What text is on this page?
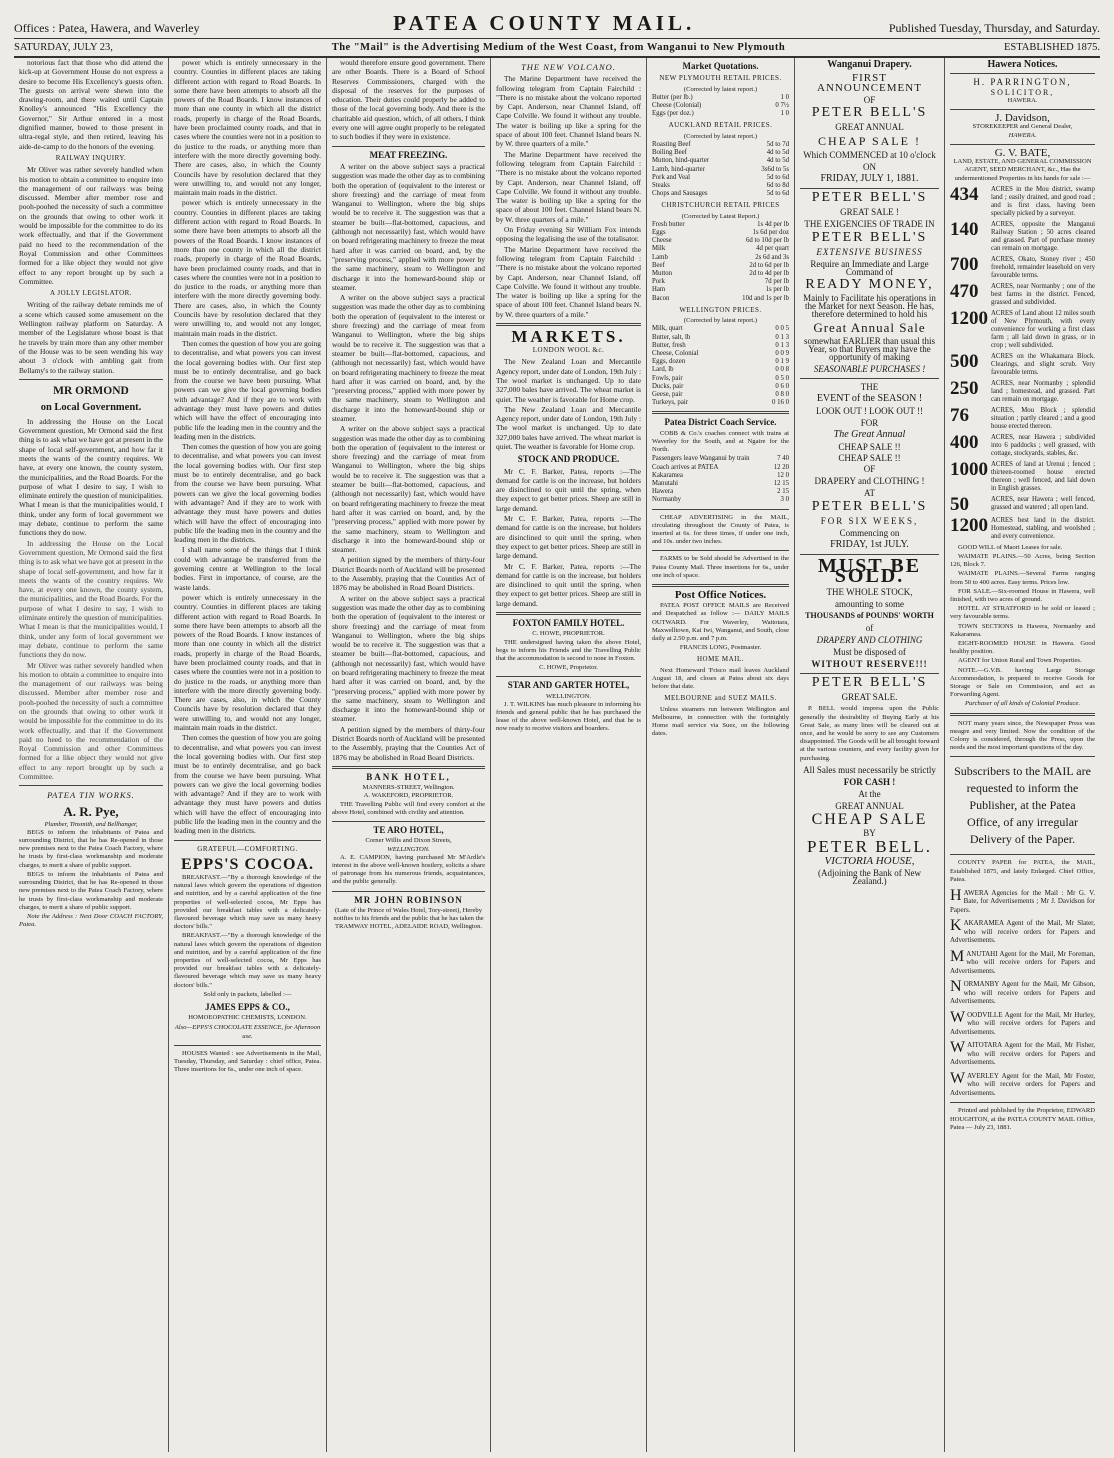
Offices : Patea, Hawera, and Waverley	PATEA COUNTY MAIL.	Published Tuesday, Thursday, and Saturday.
SATURDAY, JULY 23,	The "Mail" is the Advertising Medium of the West Coast, from Wanganui to New Plymouth	ESTABLISHED 1875.

notorious fact that those who did attend the kick-up at Government House do not express a desire to become His Excellency's guests often. The guests on arrival were shewn into the drawing-room, and there waited until Captain Knolley's announced "His Excellency the Governor," Sir Arthur entered in a most dignified manner, bowed to those present in ultra-regal style, and then retired, leaving his aide-de-camp to do the honors of the evening.

RAILWAY INQUIRY.

Mr Oliver was rather severely handled when his motion to obtain a committee to enquire into the management of our railways was being discussed. Member after member rose and pooh-poohed the necessity of such a committee on the grounds that owing to other work it would be impossible for the committee to do its work effectually, and that if the Government paid no heed to the recommendation of the Royal Commission and other Committees formed for a like object they would not give effect to any report brought up by such a Committee.

A JOLLY LEGISLATOR.

Writing of the railway debate reminds me of a scene which caused some amusement on the Wellington railway platform on Saturday. A member of the Legislature whose boast is that he travels by train more than any other member of the House was to be seen wending his way about 3 o'clock with ambling gait from Bellamy's to the railway station.

MR ORMOND
on Local Government.

In addressing the House on the Local Government question, Mr Ormond said the first thing is to ask what we have got at present in the shape of local self-government, and how far it meets the wants of the country requires. We have, at every one known, the county system, the municipalities, and the Road Boards. For the purpose of what I desire to say, I wish to eliminate entirely the question of municipalities. What I mean is that the municipalities would, I think, under any form of local government we may debate, continue to perform the same functions they do now.

In addressing the House on the Local Government question, Mr Ormond said the first thing is to ask what we have got at present in the shape of local self-government, and how far it meets the wants of the country requires. We have, at every one known, the county system, the municipalities, and the Road Boards. For the purpose of what I desire to say, I wish to eliminate entirely the question of municipalities. What I mean is that the municipalities would, I think, under any form of local government we may debate, continue to perform the same functions they do now.

Mr Oliver was rather severely handled when his motion to obtain a committee to enquire into the management of our railways was being discussed. Member after member rose and pooh-poohed the necessity of such a committee on the grounds that owing to other work it would be impossible for the committee to do its work effectually, and that if the Government paid no heed to the recommendation of the Royal Commission and other Committees formed for a like object they would not give effect to any report brought up by such a Committee.

PATEA TIN WORKS.
A. R. Pye,
Plumber, Tinsmith, and Bellhanger,

BEGS to inform the inhabitants of Patea and surrounding District, that he has Re-opened in those new premises next to the Patea Coach Factory, where he trusts by first-class workmanship and moderate charges, to merit a share of public support.

BEGS to inform the inhabitants of Patea and surrounding District, that he has Re-opened in those new premises next to the Patea Coach Factory, where he trusts by first-class workmanship and moderate charges, to merit a share of public support.

Note the Address : Next Door COACH FACTORY, Patea.

power which is entirely unnecessary in the country. Counties in different places are taking different action with regard to Road Boards. In some there have been attempts to absorb all the powers of the Road Boards. I know instances of more than one county in which all the district roads, properly in charge of the Road Boards, have been proclaimed county roads, and that in cases where the counties were not in a position to do justice to the roads, or anything more than interfere with the more directly governing body. There are cases, also, in which the County Councils have by resolution declared that they were unwilling to, and would not any longer, maintain main roads in the district.

power which is entirely unnecessary in the country. Counties in different places are taking different action with regard to Road Boards. In some there have been attempts to absorb all the powers of the Road Boards. I know instances of more than one county in which all the district roads, properly in charge of the Road Boards, have been proclaimed county roads, and that in cases where the counties were not in a position to do justice to the roads, or anything more than interfere with the more directly governing body. There are cases, also, in which the County Councils have by resolution declared that they were unwilling to, and would not any longer, maintain main roads in the district.

Then comes the question of how you are going to decentralise, and what powers you can invest the local governing bodies with. Our first step must be to entirely decentralise, and go back from the course we have been pursuing. What powers can we give the local governing bodies with advantage? And if they are to work with advantage they must have powers and duties which will have the effect of encouraging into public life the leading men in the country and the leading men in the districts.

Then comes the question of how you are going to decentralise, and what powers you can invest the local governing bodies with. Our first step must be to entirely decentralise, and go back from the course we have been pursuing. What powers can we give the local governing bodies with advantage? And if they are to work with advantage they must have powers and duties which will have the effect of encouraging into public life the leading men in the country and the leading men in the districts.

I shall name some of the things that I think could with advantage be transferred from the governing centre at Wellington to the local bodies. First in importance, of course, are the waste lands.

power which is entirely unnecessary in the country. Counties in different places are taking different action with regard to Road Boards. In some there have been attempts to absorb all the powers of the Road Boards. I know instances of more than one county in which all the district roads, properly in charge of the Road Boards, have been proclaimed county roads, and that in cases where the counties were not in a position to do justice to the roads, or anything more than interfere with the more directly governing body. There are cases, also, in which the County Councils have by resolution declared that they were unwilling to, and would not any longer, maintain main roads in the district.

Then comes the question of how you are going to decentralise, and what powers you can invest the local governing bodies with. Our first step must be to entirely decentralise, and go back from the course we have been pursuing. What powers can we give the local governing bodies with advantage? And if they are to work with advantage they must have powers and duties which will have the effect of encouraging into public life the leading men in the country and the leading men in the districts.

GRATEFUL—COMFORTING.
EPPS'S COCOA.

BREAKFAST.—"By a thorough knowledge of the natural laws which govern the operations of digestion and nutrition, and by a careful application of the fine properties of well-selected cocoa, Mr Epps has provided our breakfast tables with a delicately-flavoured beverage which may save us many heavy doctors' bills."

BREAKFAST.—"By a thorough knowledge of the natural laws which govern the operations of digestion and nutrition, and by a careful application of the fine properties of well-selected cocoa, Mr Epps has provided our breakfast tables with a delicately-flavoured beverage which may save us many heavy doctors' bills."

Sold only in packets, labelled :—
JAMES EPPS & CO.,
HOMOEOPATHIC CHEMISTS, LONDON.
Also—EPPS'S CHOCOLATE ESSENCE, for Afternoon use.

HOUSES Wanted : see Advertisements in the Mail, Tuesday, Thursday, and Saturday : chief office, Patea. Three insertions for 6s., under one inch of space.

would therefore ensure good government. There are other Boards. There is a Board of School Reserves Commissioners, charged with the disposal of the reserves for the purposes of education. Their duties could properly be added to those of the local governing body. And there is the charitable aid question, which, of all others, I think every one will agree ought properly to be relegated to such bodies if they were in existence.

MEAT FREEZING.

A writer on the above subject says a practical suggestion was made the other day as to combining both the operation of (equivalent to the interest or shore freezing) and the carriage of meat from Wanganui to Wellington, where the big ships would be to receive it. The suggestion was that a steamer be built—flat-bottomed, capacious, and (although not necessarily) fast, which would have on board refrigerating machinery to freeze the meat hard after it was carried on board, and, by the "preserving process," applied with more power by the same machinery, steam to Wellington and discharge it into the homeward-bound ship or steamer.

A writer on the above subject says a practical suggestion was made the other day as to combining both the operation of (equivalent to the interest or shore freezing) and the carriage of meat from Wanganui to Wellington, where the big ships would be to receive it. The suggestion was that a steamer be built—flat-bottomed, capacious, and (although not necessarily) fast, which would have on board refrigerating machinery to freeze the meat hard after it was carried on board, and, by the "preserving process," applied with more power by the same machinery, steam to Wellington and discharge it into the homeward-bound ship or steamer.

A writer on the above subject says a practical suggestion was made the other day as to combining both the operation of (equivalent to the interest or shore freezing) and the carriage of meat from Wanganui to Wellington, where the big ships would be to receive it. The suggestion was that a steamer be built—flat-bottomed, capacious, and (although not necessarily) fast, which would have on board refrigerating machinery to freeze the meat hard after it was carried on board, and, by the "preserving process," applied with more power by the same machinery, steam to Wellington and discharge it into the homeward-bound ship or steamer.

A petition signed by the members of thirty-four District Boards north of Auckland will be presented to the Assembly, praying that the Counties Act of 1876 may be abolished in Road Board Districts.

A writer on the above subject says a practical suggestion was made the other day as to combining both the operation of (equivalent to the interest or shore freezing) and the carriage of meat from Wanganui to Wellington, where the big ships would be to receive it. The suggestion was that a steamer be built—flat-bottomed, capacious, and (although not necessarily) fast, which would have on board refrigerating machinery to freeze the meat hard after it was carried on board, and, by the "preserving process," applied with more power by the same machinery, steam to Wellington and discharge it into the homeward-bound ship or steamer.

A petition signed by the members of thirty-four District Boards north of Auckland will be presented to the Assembly, praying that the Counties Act of 1876 may be abolished in Road Board Districts.

BANK HOTEL,
MANNERS-STREET, Wellington.
A. WAKEFORD, PROPRIETOR.

THE Travelling Public will find every comfort at the above Hotel, combined with civility and attention.

TE ARO HOTEL,
Corner Willis and Dixon Streets,
WELLINGTON.

A. E. CAMPION, having purchased Mr M'Ardle's interest in the above well-known hostlery, solicits a share of patronage from his numerous friends, acquaintances, and the public generally.

MR JOHN ROBINSON

(Late of the Prince of Wales Hotel, Tory-street), Hereby notifies to his friends and the public that he has taken the TRAMWAY HOTEL, ADELAIDE ROAD, Wellington.

THE NEW VOLCANO.

The Marine Department have received the following telegram from Captain Fairchild : "There is no mistake about the volcano reported by Capt. Anderson, near Channel Island, off Cape Colville. We found it without any trouble. The water is boiling up like a spring for the space of about 100 feet. Channel Island bears N. by W. three quarters of a mile."

The Marine Department have received the following telegram from Captain Fairchild : "There is no mistake about the volcano reported by Capt. Anderson, near Channel Island, off Cape Colville. We found it without any trouble. The water is boiling up like a spring for the space of about 100 feet. Channel Island bears N. by W. three quarters of a mile."

On Friday evening Sir William Fox intends opposing the legalising the use of the totalisator.

The Marine Department have received the following telegram from Captain Fairchild : "There is no mistake about the volcano reported by Capt. Anderson, near Channel Island, off Cape Colville. We found it without any trouble. The water is boiling up like a spring for the space of about 100 feet. Channel Island bears N. by W. three quarters of a mile."

MARKETS.
LONDON WOOL &c.

The New Zealand Loan and Mercantile Agency report, under date of London, 19th July : The wool market is unchanged. Up to date 327,000 bales have arrived. The wheat market is quiet. The weather is favorable for Home crop.

The New Zealand Loan and Mercantile Agency report, under date of London, 19th July : The wool market is unchanged. Up to date 327,000 bales have arrived. The wheat market is quiet. The weather is favorable for Home crop.

STOCK AND PRODUCE.

Mr C. F. Barker, Patea, reports :—The demand for cattle is on the increase, but holders are disinclined to quit until the spring, when they expect to get better prices. Sheep are still in large demand.

Mr C. F. Barker, Patea, reports :—The demand for cattle is on the increase, but holders are disinclined to quit until the spring, when they expect to get better prices. Sheep are still in large demand.

Mr C. F. Barker, Patea, reports :—The demand for cattle is on the increase, but holders are disinclined to quit until the spring, when they expect to get better prices. Sheep are still in large demand.

FOXTON FAMILY HOTEL.
C. HOWE, PROPRIETOR.

THE undersigned having taken the above Hotel, begs to inform his Friends and the Travelling Public that the accommodation is second to none in Foxton.

C. HOWE, Proprietor.
STAR AND GARTER HOTEL,
WELLINGTON.

J. T. WILKINS has much pleasure in informing his friends and general public that he has purchased the lease of the above well-known Hotel, and that he is now ready to receive visitors and boarders.

Market Quotations.
NEW PLYMOUTH RETAIL PRICES.
(Corrected by latest report.)
Butter (per lb.)	1 0
Cheese (Colonial)	0 7½
Eggs (per doz.)	1 0
AUCKLAND RETAIL PRICES.
(Corrected by latest report.)
Roasting Beef	5d to 7d
Boiling Beef	4d to 5d
Mutton, hind-quarter	4d to 5d
Lamb, hind-quarter	3s6d to 5s
Pork and Veal	5d to 6d
Steaks	6d to 8d
Chops and Sausages	5d to 6d
CHRISTCHURCH RETAIL PRICES
(Corrected by Latest Report.)
Fresh butter	1s 4d per lb
Eggs	1s 6d per doz
Cheese	6d to 10d per lb
Milk	4d per quart
Lamb	2s 6d and 3s
Beef	2d to 6d per lb
Mutton	2d to 4d per lb
Pork	7d per lb
Ham	1s per lb
Bacon	10d and 1s per lb
WELLINGTON PRICES.
(Corrected by latest report.)
Milk, quart	0 0 5
Butter, salt, lb	0 1 3
Butter, fresh	0 1 3
Cheese, Colonial	0 0 9
Eggs, dozen	0 1 9
Lard, lb	0 0 8
Fowls, pair	0 5 0
Ducks, pair	0 6 0
Geese, pair	0 8 0
Turkeys, pair	0 16 0
Patea District Coach Service.

COBB & Co.'s coaches connect with trains at Waverley for the South, and at Ngaire for the North.

Passengers leave Wanganui by train	7 40
Coach arrives at PATEA	12 20
Kakaramea	12 0
Manutahi	12 15
Hawera	2 15
Normanby	3 0

CHEAP ADVERTISING in the MAIL, circulating throughout the County of Patea, is inserted at 6s. for three times, if under one inch, and 10s. under two inches.

FARMS to be Sold should be Advertised in the Patea County Mail. Three insertions for 6s., under one inch of space.

Post Office Notices.

PATEA POST OFFICE MAILS are Received and Despatched as follow :— DAILY MAILS OUTWARD. For Waverley, Waitotara, Maxwelltown, Kai Iwi, Wanganui, and South, close daily at 2.50 p.m. and 7 p.m.

FRANCIS LONG, Postmaster.
HOME MAIL.

Next Homeward 'Frisco mail leaves Auckland August 18, and closes at Patea about six days before that date.

MELBOURNE and SUEZ MAILS.

Unless steamers run between Wellington and Melbourne, in connection with the fortnightly Home mail service via Suez, on the following dates.

Wanganui Drapery.
FIRST ANNOUNCEMENT
OF
PETER BELL'S
GREAT ANNUAL
CHEAP SALE !
Which COMMENCED at 10 o'clock
ON
FRIDAY, JULY 1, 1881.
PETER BELL'S
GREAT SALE !
THE EXIGENCIES OF TRADE IN
PETER BELL'S
EXTENSIVE BUSINESS
Require an Immediate and Large Command of
READY MONEY,
Mainly to Facilitate his operations in the Market for next Season. He has, therefore determined to hold his
Great Annual Sale
somewhat EARLIER than usual this Year, so that Buyers may have the opportunity of making
SEASONABLE PURCHASES !
THE
EVENT of the SEASON !
LOOK OUT ! LOOK OUT !!
FOR
The Great Annual
CHEAP SALE !!
CHEAP SALE !!
OF
DRAPERY and CLOTHING !
AT
PETER BELL'S
FOR SIX WEEKS,
Commencing on
FRIDAY, 1st JULY.
MUST BE SOLD.
THE WHOLE STOCK,
amounting to some
THOUSANDS of POUNDS' WORTH
of
DRAPERY AND CLOTHING
Must be disposed of
WITHOUT RESERVE!!!
PETER BELL'S
GREAT SALE.

P. BELL would impress upon the Public generally the desirability of Buying Early at his Great Sale, as many lines will be cleared out at once, and he would be sorry to see any Customers disappointed. The Goods will be all brought forward at the various counters, and every facility given for purchasing.

All Sales must necessarily be strictly
FOR CASH !
At the
GREAT ANNUAL
CHEAP SALE
BY
PETER BELL.
VICTORIA HOUSE,
(Adjoining the Bank of New Zealand.)
Hawera Notices.
H. PARRINGTON,
SOLICITOR,
HAWERA.
J. Davidson,
STOREKEEPER and General Dealer,
HAWERA.
G. V. BATE,

LAND, ESTATE, AND GENERAL COMMISSION AGENT, SEED MERCHANT, &c., Has the undermentioned Properties in his hands for sale :—

434	ACRES in the Mou district, swamp land ; easily drained, and good road ; and is first class, having been specially picked by a surveyor.
140	ACRES, opposite the Manganui Railway Station ; 50 acres cleared and grassed. Part of purchase money can remain on mortgage.
700	ACRES, Okato, Stoney river ; 450 freehold, remainder leasehold on very favourable terms.
470	ACRES, near Normanby ; one of the best farms in the district. Fenced, grassed and subdivided.
1200 ACRES of Land about 12 miles south of New Plymouth, with every convenience for working a first class farm ; all laid down in grass, or in crop ; well subdivided.
500	ACRES on the Whakamara Block. Clearings, and slight scrub. Very favourable terms.
250	ACRES, near Normanby ; splendid land ; homestead, and grassed. Part can remain on mortgage.
76	ACRES, Mou Block ; splendid situation ; partly cleared ; and a good house erected thereon.
400	ACRES, near Hawera ; subdivided into 6 paddocks ; well grassed, with cottage, stockyards, stables, &c.
1000 ACRES of land at Urenui ; fenced ; thirteen-roomed house erected thereon ; well fenced, and laid down in English grasses.
50	ACRES, near Hawera ; well fenced, grassed and watered ; all open land.
1200 ACRES best land in the district. Homestead, stabling, and woolshed ; and every convenience.

GOOD WILL of Maori Leases for sale.

WAIMATE PLAINS.—50 Acres, being Section 126, Block 7.

WAIMATE PLAINS.—Several Farms ranging from 50 to 400 acres. Easy terms. Prices low.

FOR SALE.—Six-roomed House in Hawera, well finished, with two acres of ground.

HOTEL AT STRATFORD to be sold or leased ; very favourable terms.

TOWN SECTIONS in Hawera, Normanby and Kakaramea.

EIGHT-ROOMED HOUSE in Hawera. Good healthy position.

AGENT for Union Rural and Town Properties.

NOTE.—G.V.B. having Large Storage Accommodation, is prepared to receive Goods for Storage or Sale on Commission, and act as Forwarding Agent.

Purchaser of all kinds of Colonial Produce.

NOT many years since, the Newspaper Press was meagre and very limited. Now the condition of the Colony is considered, through the Press, upon the needs and the most important questions of the day.

Subscribers to the MAIL are requested to inform the Publisher, at the Patea Office, of any irregular Delivery of the Paper.

COUNTY PAPER for PATEA, the MAIL, Established 1875, and lately Enlarged. Chief Office, Patea.

HAWERA Agencies for the Mail : Mr G. V. Bate, for Advertisements ; Mr J. Davidson for Papers.
KAKARAMEA Agent of the Mail, Mr Slater, who will receive orders for Papers and Advertisements.
MANUTAHI Agent for the Mail, Mr Foreman, who will receive orders for Papers and Advertisements.
NORMANBY Agent for the Mail, Mr Gibson, who will receive orders for Papers and Advertisements.
WOODVILLE Agent for the Mail, Mr Hurley, who will receive orders for Papers and Advertisements.
WAITOTARA Agent for the Mail, Mr Fisher, who will receive orders for Papers and Advertisements.
WAVERLEY Agent for the Mail, Mr Foster, who will receive orders for Papers and Advertisements.

Printed and published by the Proprietor, EDWARD HOUGHTON, at the PATEA COUNTY MAIL Office, Patea — July 23, 1881.
